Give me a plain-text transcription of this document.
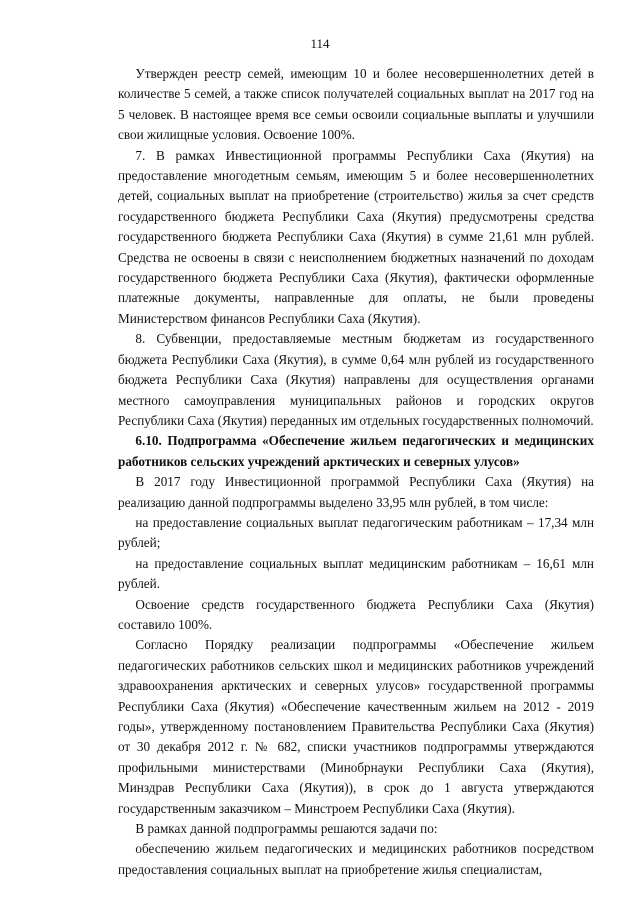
114

Утвержден реестр семей, имеющим 10 и более несовершеннолетних детей в количестве 5 семей, а также список получателей социальных выплат на 2017 год на 5 человек. В настоящее время все семьи освоили социальные выплаты и улучшили свои жилищные условия. Освоение 100%.

7. В рамках Инвестиционной программы Республики Саха (Якутия) на предоставление многодетным семьям, имеющим 5 и более несовершеннолетних детей, социальных выплат на приобретение (строительство) жилья за счет средств государственного бюджета Республики Саха (Якутия) предусмотрены средства государственного бюджета Республики Саха (Якутия) в сумме 21,61 млн рублей. Средства не освоены в связи с неисполнением бюджетных назначений по доходам государственного бюджета Республики Саха (Якутия), фактически оформленные платежные документы, направленные для оплаты, не были проведены Министерством финансов Республики Саха (Якутия).

8. Субвенции, предоставляемые местным бюджетам из государственного бюджета Республики Саха (Якутия), в сумме 0,64 млн рублей из государственного бюджета Республики Саха (Якутия) направлены для осуществления органами местного самоуправления муниципальных районов и городских округов Республики Саха (Якутия) переданных им отдельных государственных полномочий.

6.10. Подпрограмма «Обеспечение жильем педагогических и медицинских работников сельских учреждений арктических и северных улусов»

В 2017 году Инвестиционной программой Республики Саха (Якутия) на реализацию данной подпрограммы выделено 33,95 млн рублей, в том числе:

на предоставление социальных выплат педагогическим работникам – 17,34 млн рублей;

на предоставление социальных выплат медицинским работникам – 16,61 млн рублей.

Освоение средств государственного бюджета Республики Саха (Якутия) составило 100%.

Согласно Порядку реализации подпрограммы «Обеспечение жильем педагогических работников сельских школ и медицинских работников учреждений здравоохранения арктических и северных улусов» государственной программы Республики Саха (Якутия) «Обеспечение качественным жильем на 2012 - 2019 годы», утвержденному постановлением Правительства Республики Саха (Якутия) от 30 декабря 2012 г. № 682, списки участников подпрограммы утверждаются профильными министерствами (Минобрнауки Республики Саха (Якутия), Минздрав Республики Саха (Якутия)), в срок до 1 августа утверждаются государственным заказчиком – Минстроем Республики Саха (Якутия).

В рамках данной подпрограммы решаются задачи по:

обеспечению жильем педагогических и медицинских работников посредством предоставления социальных выплат на приобретение жилья специалистам,
